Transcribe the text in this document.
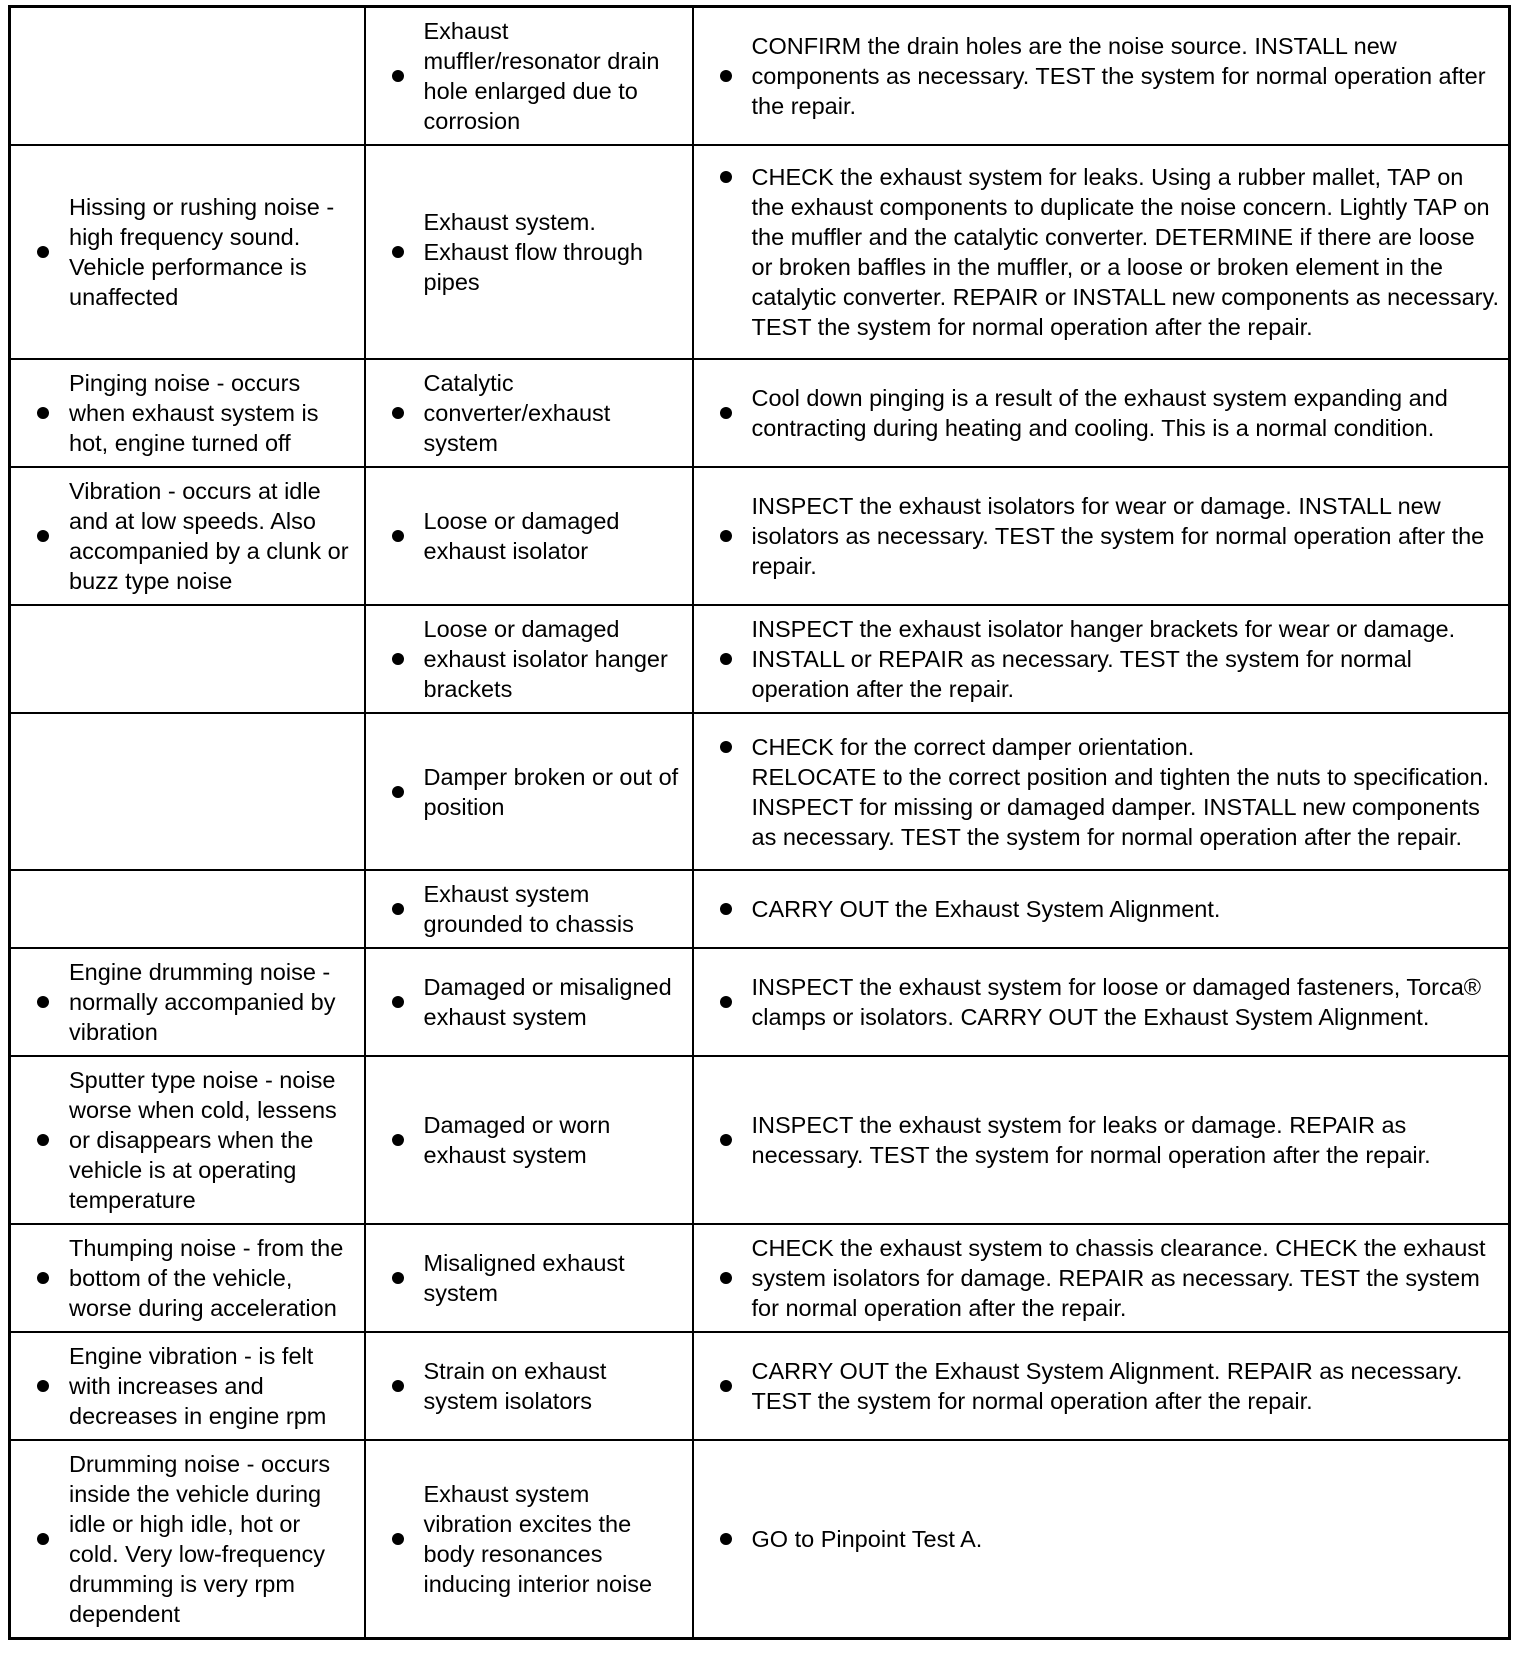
	Exhaust muffler/resonator drain hole enlarged due to corrosion	CONFIRM the drain holes are the noise source. INSTALL new components as necessary. TEST the system for normal operation after the repair.

Hissing or rushing noise - high frequency sound. Vehicle performance is unaffected	Exhaust system. Exhaust flow through pipes	CHECK the exhaust system for leaks. Using a rubber mallet, TAP on the exhaust components to duplicate the noise concern. Lightly TAP on the muffler and the catalytic converter. DETERMINE if there are loose or broken baffles in the muffler, or a loose or broken element in the catalytic converter. REPAIR or INSTALL new components as necessary. TEST the system for normal operation after the repair.

Pinging noise - occurs when exhaust system is hot, engine turned off	Catalytic converter/exhaust system	Cool down pinging is a result of the exhaust system expanding and contracting during heating and cooling. This is a normal condition.

Vibration - occurs at idle and at low speeds. Also accompanied by a clunk or buzz type noise	Loose or damaged exhaust isolator	INSPECT the exhaust isolators for wear or damage. INSTALL new isolators as necessary. TEST the system for normal operation after the repair.

	Loose or damaged exhaust isolator hanger brackets	INSPECT the exhaust isolator hanger brackets for wear or damage. INSTALL or REPAIR as necessary. TEST the system for normal operation after the repair.

	Damper broken or out of position	CHECK for the correct damper orientation.
RELOCATE to the correct position and tighten the nuts to specification. INSPECT for missing or damaged damper. INSTALL new components as necessary. TEST the system for normal operation after the repair.

	Exhaust system grounded to chassis	CARRY OUT the Exhaust System Alignment.

Engine drumming noise - normally accompanied by vibration	Damaged or misaligned exhaust system	INSPECT the exhaust system for loose or damaged fasteners, Torca® clamps or isolators. CARRY OUT the Exhaust System Alignment.

Sputter type noise - noise worse when cold, lessens or disappears when the vehicle is at operating temperature	Damaged or worn exhaust system	INSPECT the exhaust system for leaks or damage. REPAIR as necessary. TEST the system for normal operation after the repair.

Thumping noise - from the bottom of the vehicle, worse during acceleration	Misaligned exhaust system	CHECK the exhaust system to chassis clearance. CHECK the exhaust system isolators for damage. REPAIR as necessary. TEST the system for normal operation after the repair.

Engine vibration - is felt with increases and decreases in engine rpm	Strain on exhaust system isolators	CARRY OUT the Exhaust System Alignment. REPAIR as necessary. TEST the system for normal operation after the repair.

Drumming noise - occurs inside the vehicle during idle or high idle, hot or cold. Very low-frequency drumming is very rpm dependent	Exhaust system vibration excites the body resonances inducing interior noise	GO to Pinpoint Test A.
